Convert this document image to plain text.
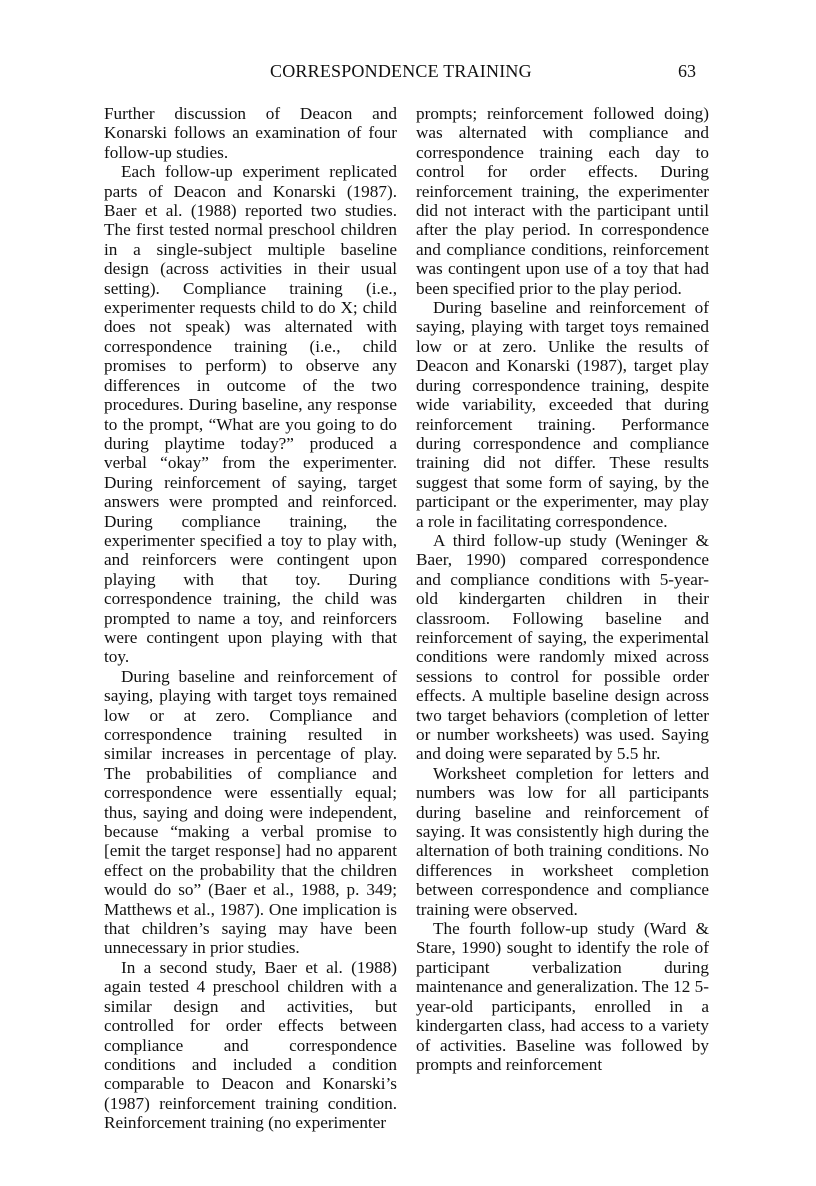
CORRESPONDENCE TRAINING	63

Further discussion of Deacon and Konarski follows an examination of four follow-up studies.

Each follow-up experiment replicated parts of Deacon and Konarski (1987). Baer et al. (1988) reported two studies. The first tested normal preschool children in a single-subject multiple baseline design (across activities in their usual setting). Compliance training (i.e., experimenter requests child to do X; child does not speak) was alternated with correspondence training (i.e., child promises to perform) to observe any differences in outcome of the two procedures. During baseline, any response to the prompt, “What are you going to do during playtime today?” produced a verbal “okay” from the experimenter. During reinforcement of saying, target answers were prompted and reinforced. During compliance training, the experimenter specified a toy to play with, and reinforcers were contingent upon playing with that toy. During correspondence training, the child was prompted to name a toy, and reinforcers were contingent upon playing with that toy.

During baseline and reinforcement of saying, playing with target toys remained low or at zero. Compliance and correspondence training resulted in similar increases in percentage of play. The probabilities of compliance and correspondence were essentially equal; thus, saying and doing were independent, because “making a verbal promise to [emit the target response] had no apparent effect on the probability that the children would do so” (Baer et al., 1988, p. 349; Matthews et al., 1987). One implication is that children’s saying may have been unnecessary in prior studies.

In a second study, Baer et al. (1988) again tested 4 preschool children with a similar design and activities, but controlled for order effects between compliance and correspondence conditions and included a condition comparable to Deacon and Konarski’s (1987) reinforcement training condition. Reinforcement training (no experimenter

prompts; reinforcement followed doing) was alternated with compliance and correspondence training each day to control for order effects. During reinforcement training, the experimenter did not interact with the participant until after the play period. In correspondence and compliance conditions, reinforcement was contingent upon use of a toy that had been specified prior to the play period.

During baseline and reinforcement of saying, playing with target toys remained low or at zero. Unlike the results of Deacon and Konarski (1987), target play during correspondence training, despite wide variability, exceeded that during reinforcement training. Performance during correspondence and compliance training did not differ. These results suggest that some form of saying, by the participant or the experimenter, may play a role in facilitating correspondence.

A third follow-up study (Weninger & Baer, 1990) compared correspondence and compliance conditions with 5-year-old kindergarten children in their classroom. Following baseline and reinforcement of saying, the experimental conditions were randomly mixed across sessions to control for possible order effects. A multiple baseline design across two target behaviors (completion of letter or number worksheets) was used. Saying and doing were separated by 5.5 hr.

Worksheet completion for letters and numbers was low for all participants during baseline and reinforcement of saying. It was consistently high during the alternation of both training conditions. No differences in worksheet completion between correspondence and compliance training were observed.

The fourth follow-up study (Ward & Stare, 1990) sought to identify the role of participant verbalization during maintenance and generalization. The 12 5-year-old participants, enrolled in a kindergarten class, had access to a variety of activities. Baseline was followed by prompts and reinforcement
